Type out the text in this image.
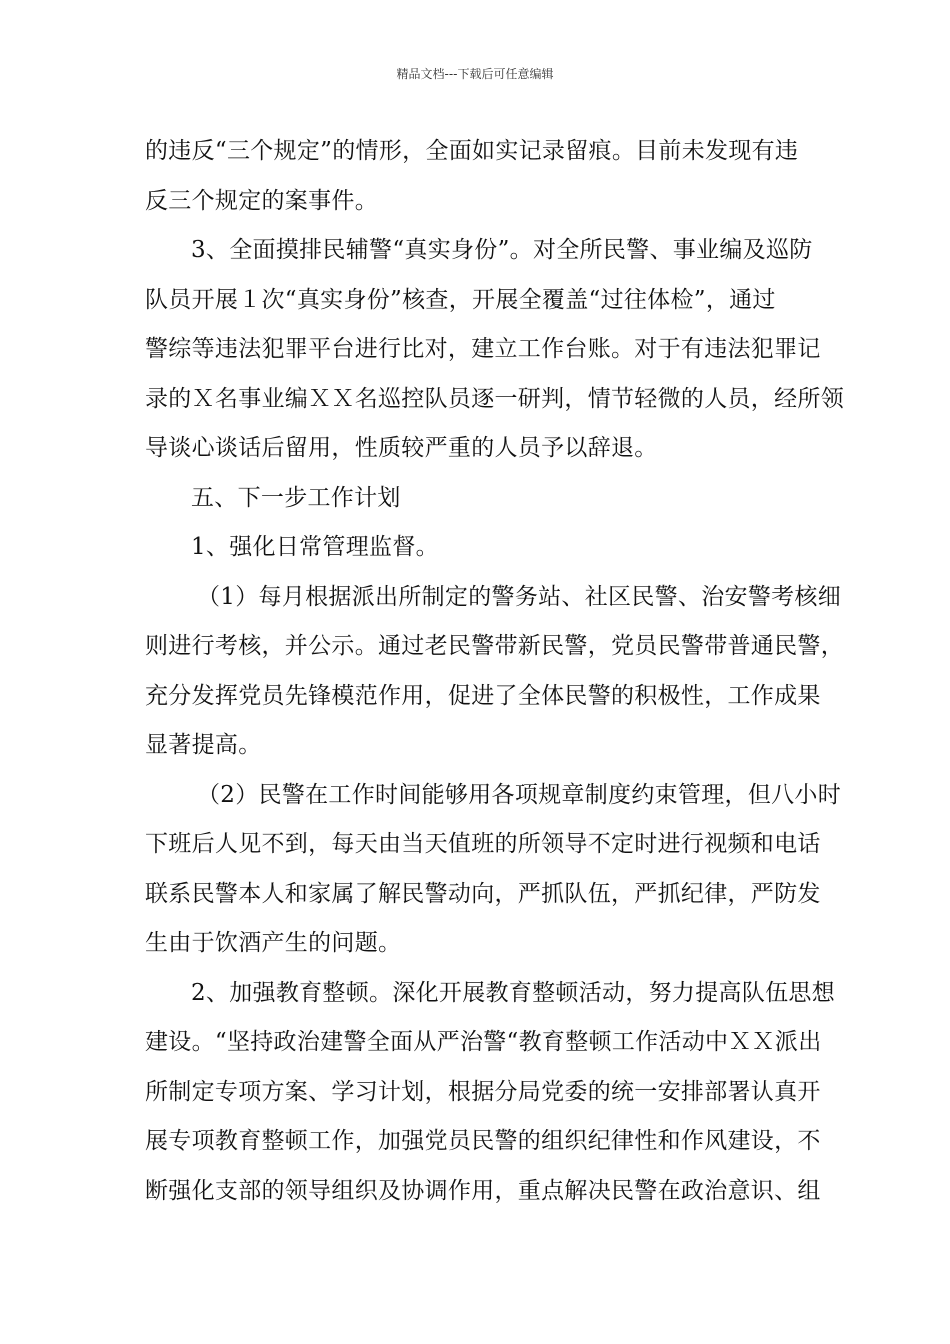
精品文档---下载后可任意编辑
的违反“三个规定”的情形，全面如实记录留痕。目前未发现有违
反三个规定的案事件。
3、全面摸排民辅警“真实身份”。对全所民警、事业编及巡防
队员开展１次“真实身份”核查，开展全覆盖“过往体检”，通过
警综等违法犯罪平台进行比对，建立工作台账。对于有违法犯罪记
录的Ｘ名事业编ＸＸ名巡控队员逐一研判，情节轻微的人员，经所领
导谈心谈话后留用，性质较严重的人员予以辞退。
五、下一步工作计划
1、强化日常管理监督。
（1）每月根据派出所制定的警务站、社区民警、治安警考核细
则进行考核，并公示。通过老民警带新民警，党员民警带普通民警，
充分发挥党员先锋模范作用，促进了全体民警的积极性，工作成果
显著提高。
（2）民警在工作时间能够用各项规章制度约束管理，但八小时
下班后人见不到，每天由当天值班的所领导不定时进行视频和电话
联系民警本人和家属了解民警动向，严抓队伍，严抓纪律，严防发
生由于饮酒产生的问题。
2、加强教育整顿。深化开展教育整顿活动，努力提高队伍思想
建设。“坚持政治建警全面从严治警“教育整顿工作活动中ＸＸ派出
所制定专项方案、学习计划，根据分局党委的统一安排部署认真开
展专项教育整顿工作，加强党员民警的组织纪律性和作风建设，不
断强化支部的领导组织及协调作用，重点解决民警在政治意识、组
